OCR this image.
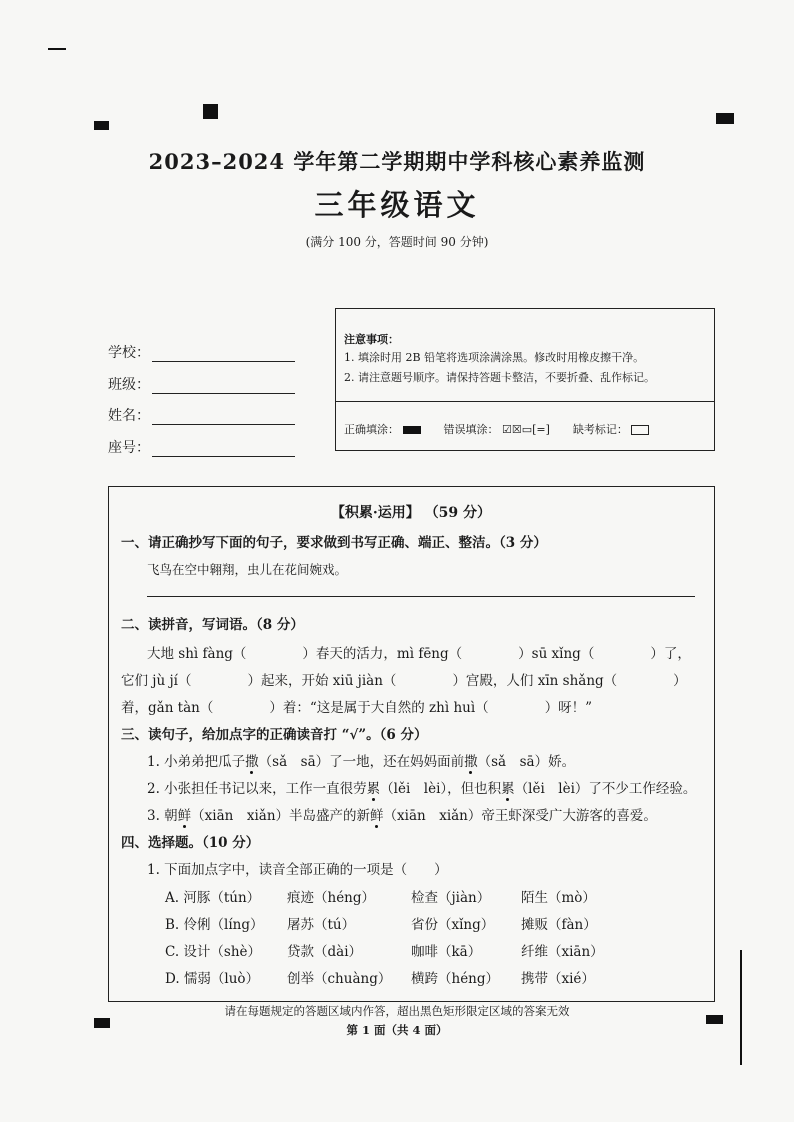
2023–2024 学年第二学期期中学科核心素养监测
三年级语文
(满分 100 分，答题时间 90 分钟)
学校：
班级：
姓名：
座号：
注意事项：
1. 填涂时用 2B 铅笔将选项涂满涂黑。修改时用橡皮擦干净。
2. 请注意题号顺序。请保持答题卡整洁，不要折叠、乱作标记。
正确填涂：	错误填涂： ☑☒▭[=] 缺考标记：
【积累·运用】 （59 分）
一、请正确抄写下面的句子，要求做到书写正确、端正、整洁。（3 分）
飞鸟在空中翱翔，虫儿在花间婉戏。
二、读拼音，写词语。（8 分）
大地 shì fàng（	）春天的活力，mì fēng（	）sū xǐng（	）了，
它们 jù jí（	）起来，开始 xiū jiàn（	）宫殿，人们 xīn shǎng（	）
着，gǎn tàn（	）着：“这是属于大自然的 zhì huì（	）呀！”
三、读句子，给加点字的正确读音打 “√”。（6 分）
1. 小弟弟把瓜子撒（sǎ　sā）了一地，还在妈妈面前撒（sǎ　sā）娇。
2. 小张担任书记以来，工作一直很劳累（lěi　lèi），但也积累（lěi　lèi）了不少工作经验。
3. 朝鲜（xiān　xiǎn）半岛盛产的新鲜（xiān　xiǎn）帝王虾深受广大游客的喜爱。
四、选择题。（10 分）
1. 下面加点字中，读音全部正确的一项是（　　）
A. 河豚（tún） 痕迹（héng）	检查（jiàn） 陌生（mò）
B. 伶俐（líng） 屠苏（tú）	省份（xǐng） 摊贩（fàn）
C. 设计（shè） 贷款（dài）	咖啡（kā）	纤维（xiān）
D. 懦弱（luò） 创举（chuàng） 横跨（héng） 携带（xié）
请在每题规定的答题区域内作答，超出黑色矩形限定区域的答案无效
第 1 面（共 4 面）
